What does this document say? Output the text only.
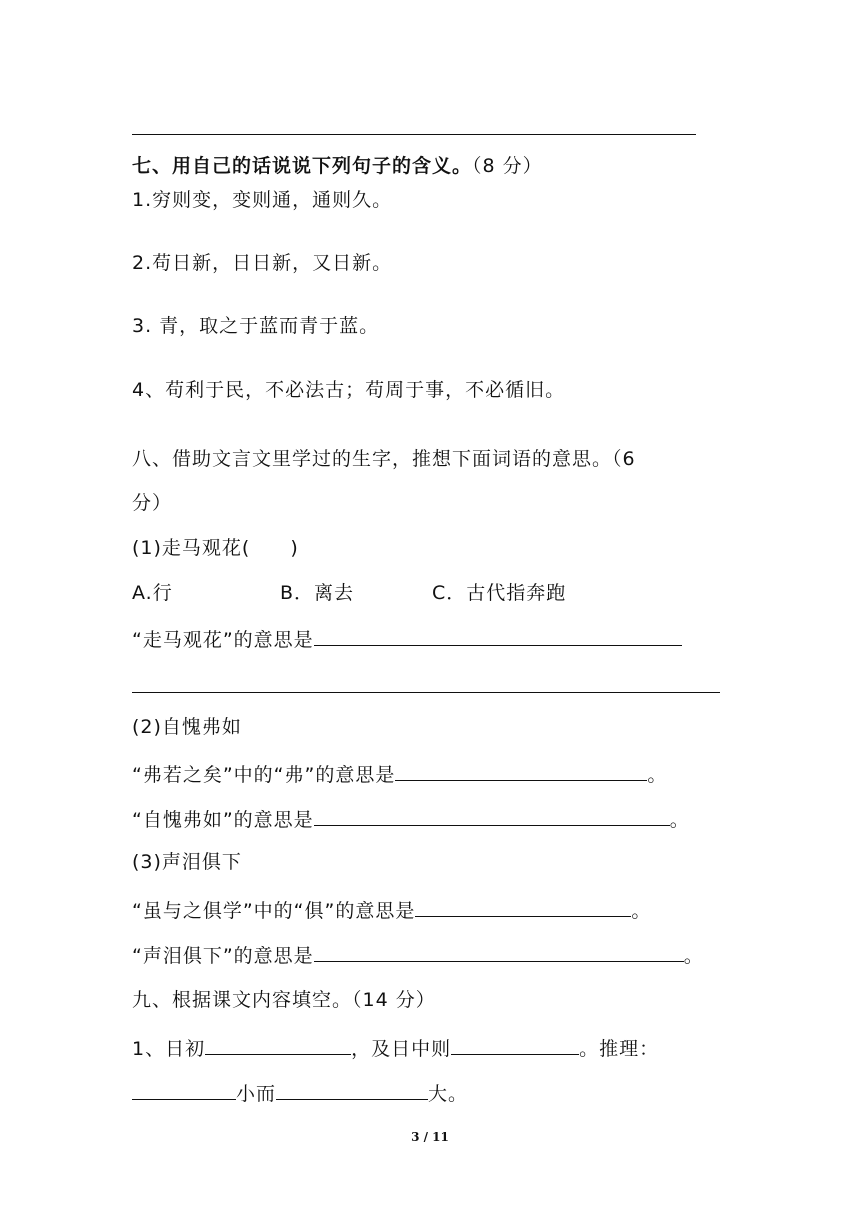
七、用自己的话说说下列句子的含义。（8 分）
1.穷则变，变则通，通则久。
2.苟日新，日日新，又日新。
3. 青，取之于蓝而青于蓝。
4、苟利于民，不必法古；苟周于事，不必循旧。
八、借助文言文里学过的生字，推想下面词语的意思。（6
分）
(1)走马观花(　　)
A.行	B．离去	C．古代指奔跑
“走马观花”的意思是
(2)自愧弗如
“弗若之矣”中的“弗”的意思是	。
“自愧弗如”的意思是	。
(3)声泪俱下
“虽与之俱学”中的“俱”的意思是	。
“声泪俱下”的意思是	。
九、根据课文内容填空。（14 分）
1、日初	，及日中则	。推理：
小而	大。
3 / 11
